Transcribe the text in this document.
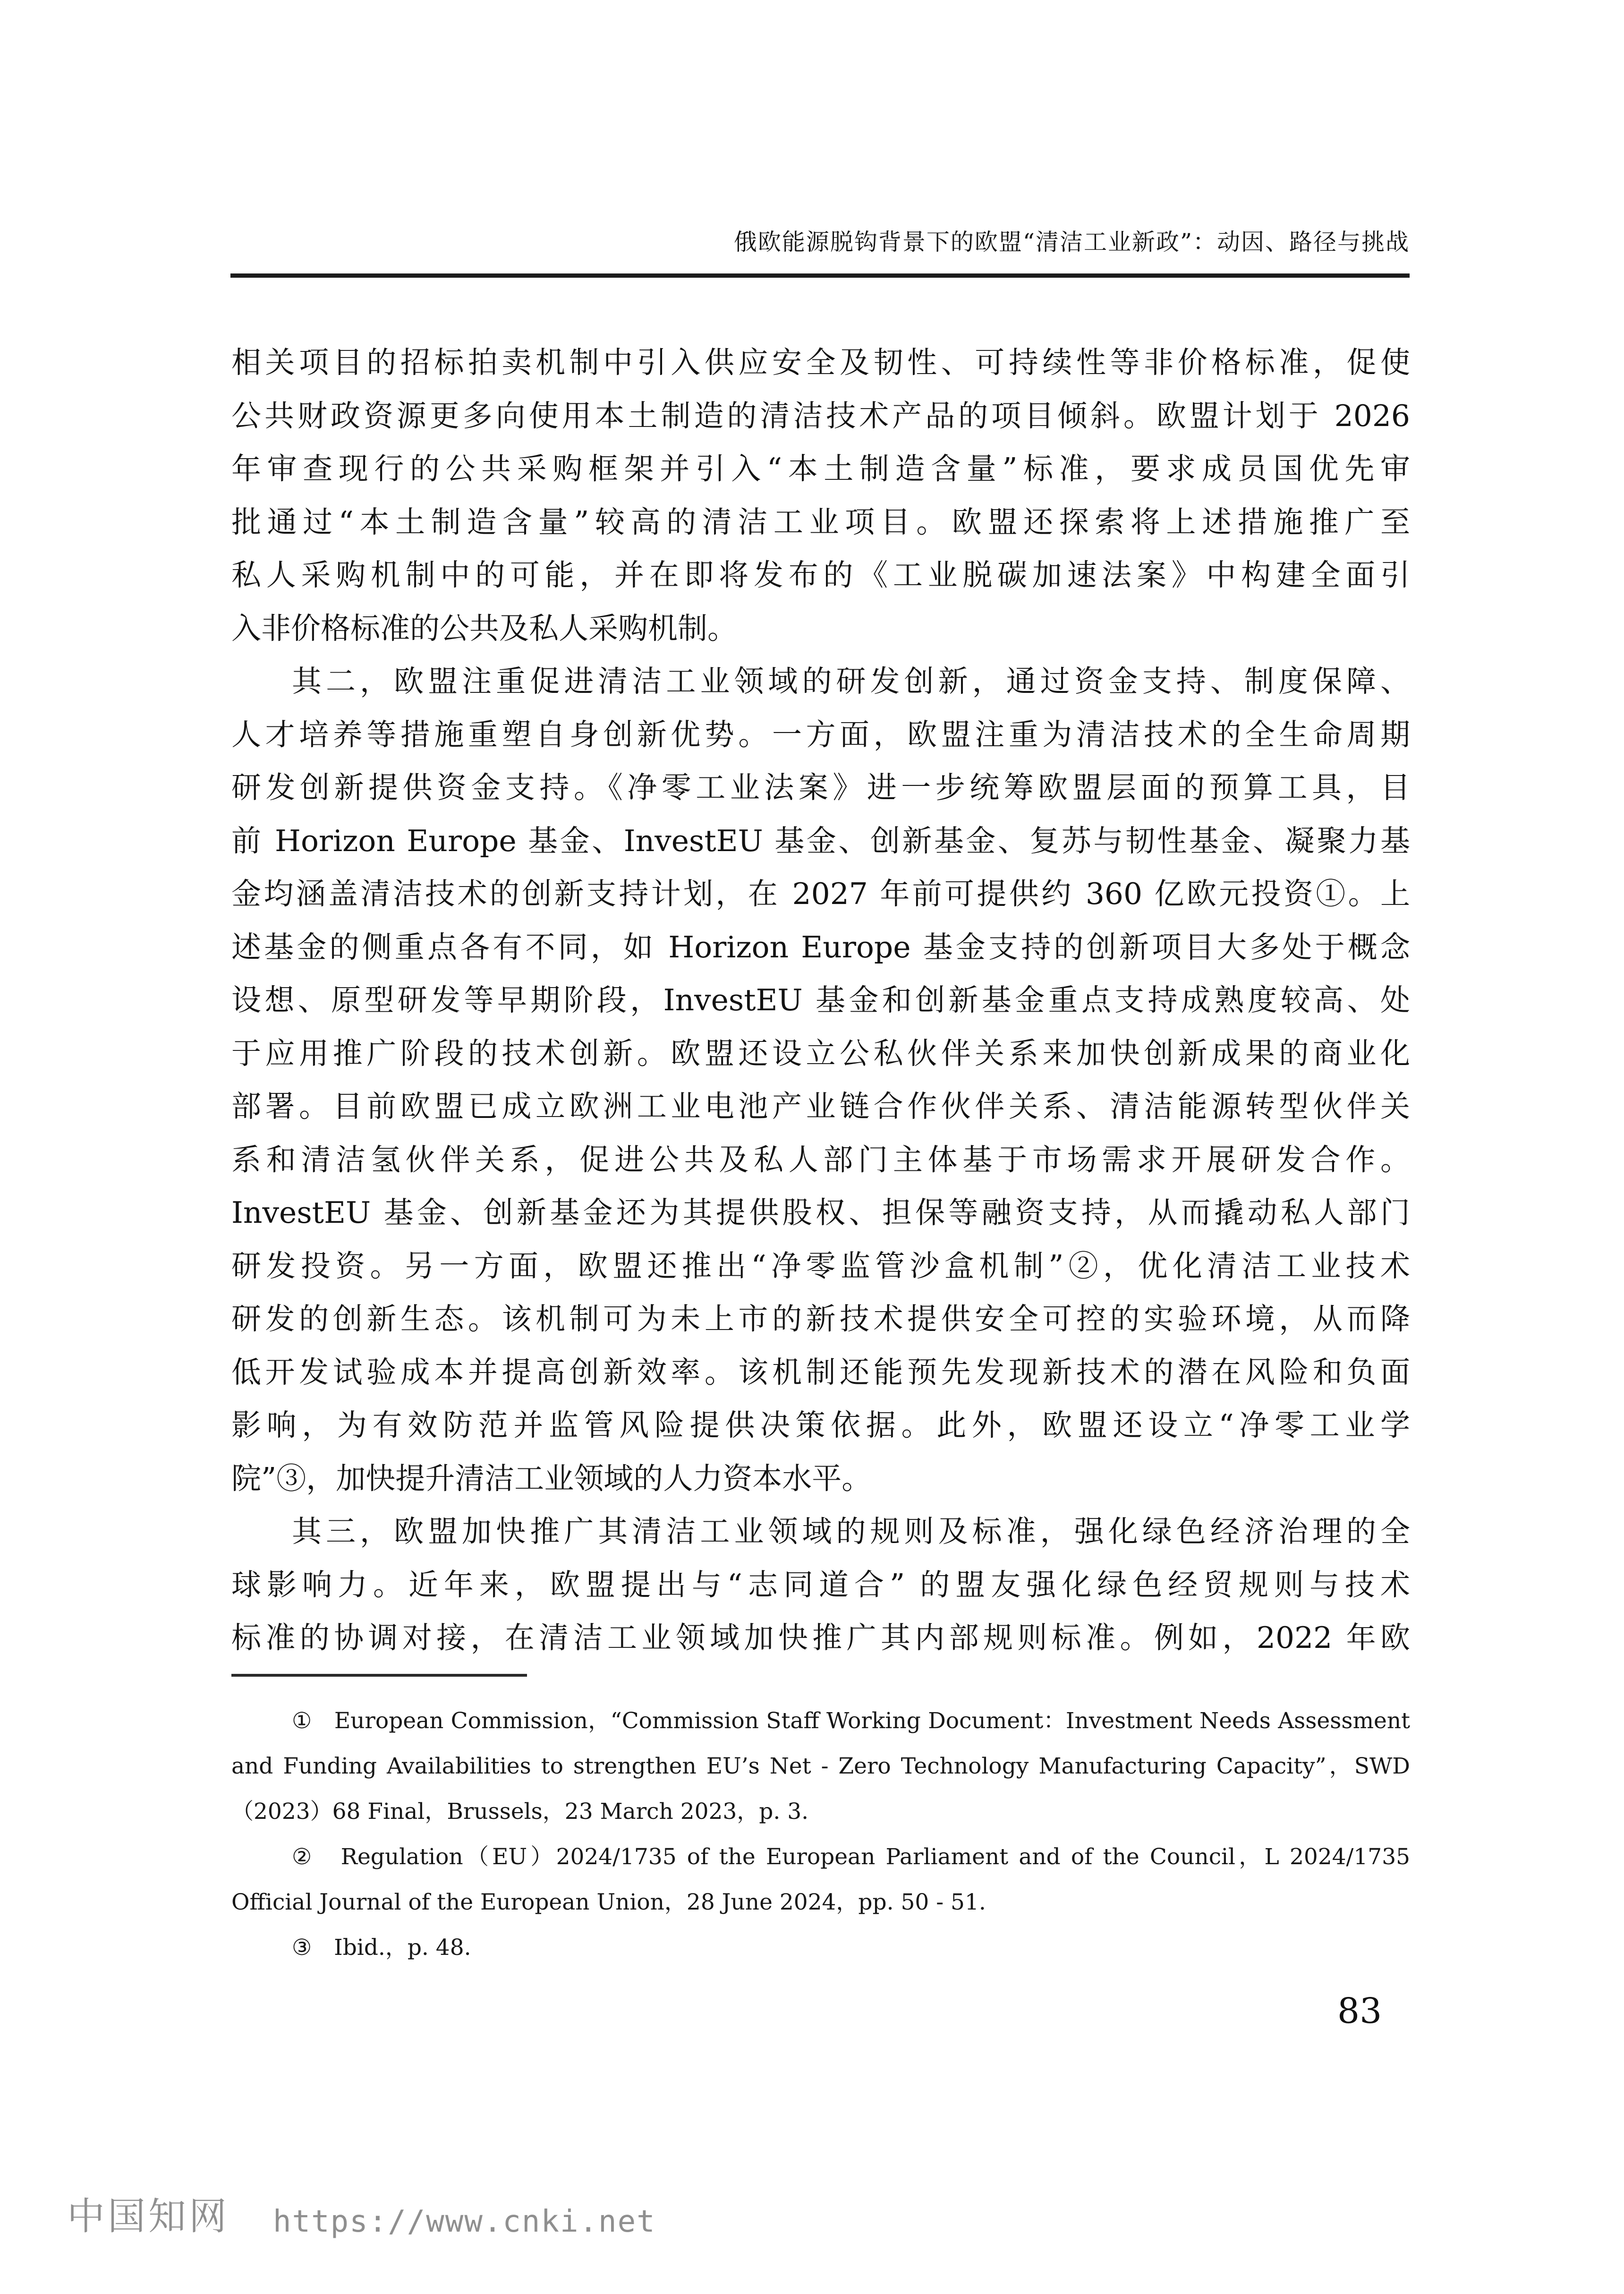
俄欧能源脱钩背景下的欧盟“清洁工业新政”：动因、路径与挑战
相关项目的招标拍卖机制中引入供应安全及韧性、可持续性等非价格标准，促使
公共财政资源更多向使用本土制造的清洁技术产品的项目倾斜。欧盟计划于 2026
年审查现行的公共采购框架并引入“本土制造含量”标准，要求成员国优先审
批通过“本土制造含量”较高的清洁工业项目。欧盟还探索将上述措施推广至
私人采购机制中的可能，并在即将发布的《工业脱碳加速法案》中构建全面引
入非价格标准的公共及私人采购机制。
其二，欧盟注重促进清洁工业领域的研发创新，通过资金支持、制度保障、
人才培养等措施重塑自身创新优势。一方面，欧盟注重为清洁技术的全生命周期
研发创新提供资金支持。《净零工业法案》进一步统筹欧盟层面的预算工具，目
前 Horizon Europe 基金、InvestEU 基金、创新基金、复苏与韧性基金、凝聚力基
金均涵盖清洁技术的创新支持计划，在 2027 年前可提供约 360 亿欧元投资①。上
述基金的侧重点各有不同，如 Horizon Europe 基金支持的创新项目大多处于概念
设想、原型研发等早期阶段，InvestEU 基金和创新基金重点支持成熟度较高、处
于应用推广阶段的技术创新。欧盟还设立公私伙伴关系来加快创新成果的商业化
部署。目前欧盟已成立欧洲工业电池产业链合作伙伴关系、清洁能源转型伙伴关
系和清洁氢伙伴关系，促进公共及私人部门主体基于市场需求开展研发合作。
InvestEU 基金、创新基金还为其提供股权、担保等融资支持，从而撬动私人部门
研发投资。另一方面，欧盟还推出“净零监管沙盒机制”②，优化清洁工业技术
研发的创新生态。该机制可为未上市的新技术提供安全可控的实验环境，从而降
低开发试验成本并提高创新效率。该机制还能预先发现新技术的潜在风险和负面
影响，为有效防范并监管风险提供决策依据。此外，欧盟还设立“净零工业学
院”③，加快提升清洁工业领域的人力资本水平。
其三，欧盟加快推广其清洁工业领域的规则及标准，强化绿色经济治理的全
球影响力。近年来，欧盟提出与“志同道合” 的盟友强化绿色经贸规则与技术
标准的协调对接，在清洁工业领域加快推广其内部规则标准。例如，2022 年欧
①　European Commission，“Commission Staff Working Document：Investment Needs Assessment
and Funding Availabilities to strengthen EU’s Net - Zero Technology Manufacturing Capacity”，SWD
（2023）68 Final，Brussels，23 March 2023，p. 3.
②　Regulation（EU）2024/1735 of the European Parliament and of the Council，L 2024/1735
Official Journal of the European Union，28 June 2024，pp. 50 - 51.
③　Ibid.，p. 48.
83
中国知网 https://www.cnki.net
